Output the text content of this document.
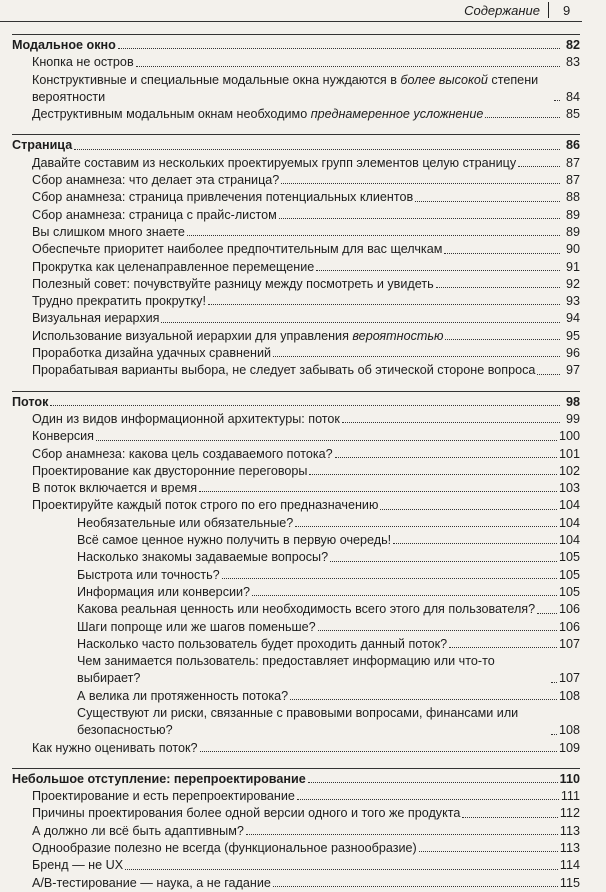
Содержание 9
Модальное окно	82
Кнопка не остров	83
Конструктивные и специальные модальные окна нуждаются в более высокой степени вероятности	84
Деструктивным модальным окнам необходимо преднамеренное усложнение	85
Страница	86
Давайте составим из нескольких проектируемых групп элементов целую страницу	87
Сбор анамнеза: что делает эта страница?	87
Сбор анамнеза: страница привлечения потенциальных клиентов	88
Сбор анамнеза: страница с прайс-листом	89
Вы слишком много знаете	89
Обеспечьте приоритет наиболее предпочтительным для вас щелчкам	90
Прокрутка как целенаправленное перемещение	91
Полезный совет: почувствуйте разницу между посмотреть и увидеть	92
Трудно прекратить прокрутку!	93
Визуальная иерархия	94
Использование визуальной иерархии для управления вероятностью	95
Проработка дизайна удачных сравнений	96
Прорабатывая варианты выбора, не следует забывать об этической стороне вопроса	97
Поток	98
Один из видов информационной архитектуры: поток	99
Конверсия	100
Сбор анамнеза: какова цель создаваемого потока?	101
Проектирование как двусторонние переговоры	102
В поток включается и время	103
Проектируйте каждый поток строго по его предназначению	104
Необязательные или обязательные?	104
Всё самое ценное нужно получить в первую очередь!	104
Насколько знакомы задаваемые вопросы?	105
Быстрота или точность?	105
Информация или конверсии?	105
Какова реальная ценность или необходимость всего этого для пользователя? 106
Шаги попроще или же шагов поменьше?	106
Насколько часто пользователь будет проходить данный поток?	107
Чем занимается пользователь: предоставляет информацию или что-то выбирает?	107
А велика ли протяженность потока?	108
Существуют ли риски, связанные с правовыми вопросами, финансами или безопасностью?	108
Как нужно оценивать поток?	109
Небольшое отступление: перепроектирование	110
Проектирование и есть перепроектирование	111
Причины проектирования более одной версии одного и того же продукта	112
А должно ли всё быть адаптивным?	113
Однообразие полезно не всегда (функциональное разнообразие)	113
Бренд — не UX	114
A/B-тестирование — наука, а не гадание	115
